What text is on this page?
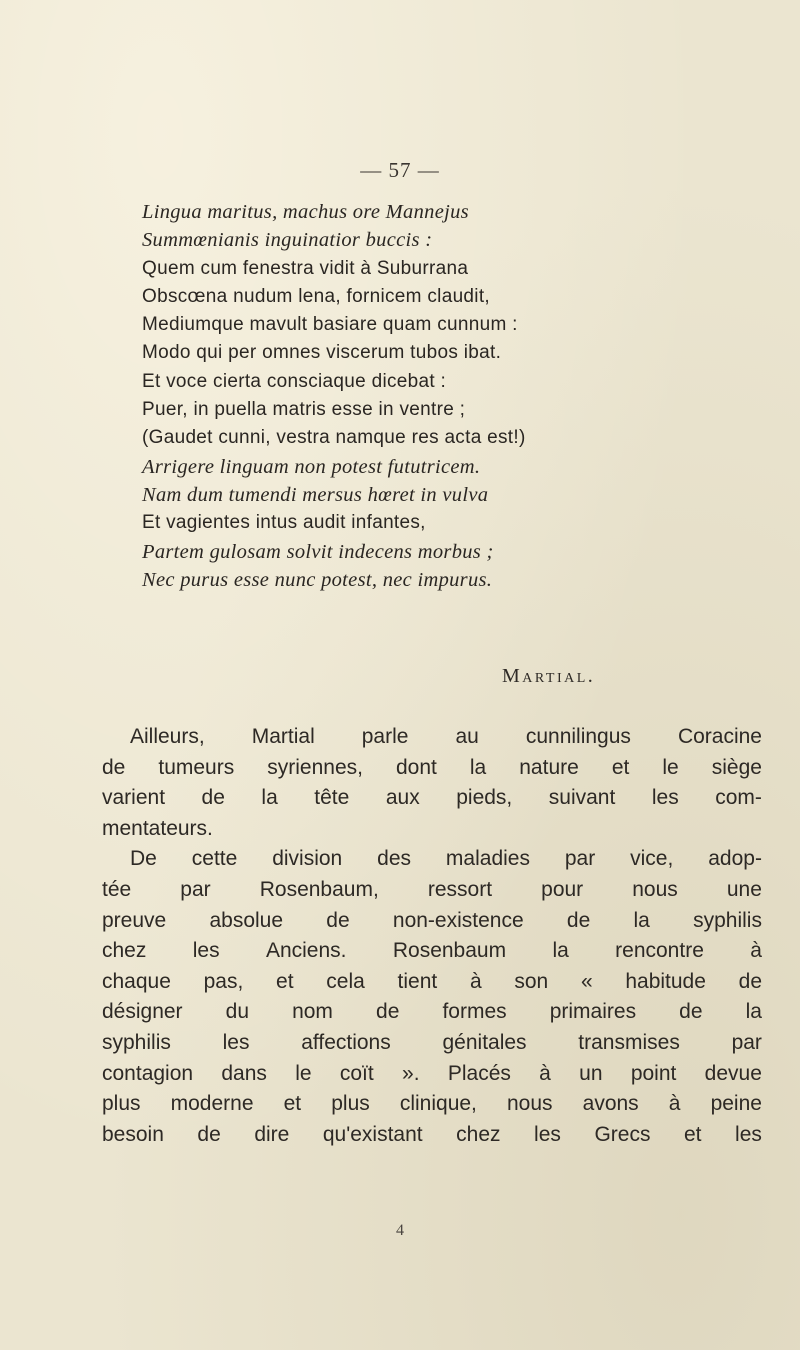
— 57 —
Lingua maritus, machus ore Mannejus
Summœnianis inguinatior buccis :
Quem cum fenestra vidit à Suburrana
Obscœna nudum lena, fornicem claudit,
Mediumque mavult basiare quam cunnum :
Modo qui per omnes viscerum tubos ibat.
Et voce cierta consciaque dicebat :
Puer, in puella matris esse in ventre ;
(Gaudet cunni, vestra namque res acta est!)
Arrigere linguam non potest fututricem.
Nam dum tumendi mersus hœret in vulva
Et vagientes intus audit infantes,
Partem gulosam solvit indecens morbus ;
Nec purus esse nunc potest, nec impurus.
Martial.
Ailleurs, Martial parle au cunnilingus Coracine
de tumeurs syriennes, dont la nature et le siège
varient de la tête aux pieds, suivant les com-
mentateurs.
De cette division des maladies par vice, adop-
tée par Rosenbaum, ressort pour nous une
preuve absolue de non-existence de la syphilis
chez les Anciens. Rosenbaum la rencontre à
chaque pas, et cela tient à son « habitude de
désigner du nom de formes primaires de la
syphilis les affections génitales transmises par
contagion dans le coït ». Placés à un point devue
plus moderne et plus clinique, nous avons à peine
besoin de dire qu'existant chez les Grecs et les
4
